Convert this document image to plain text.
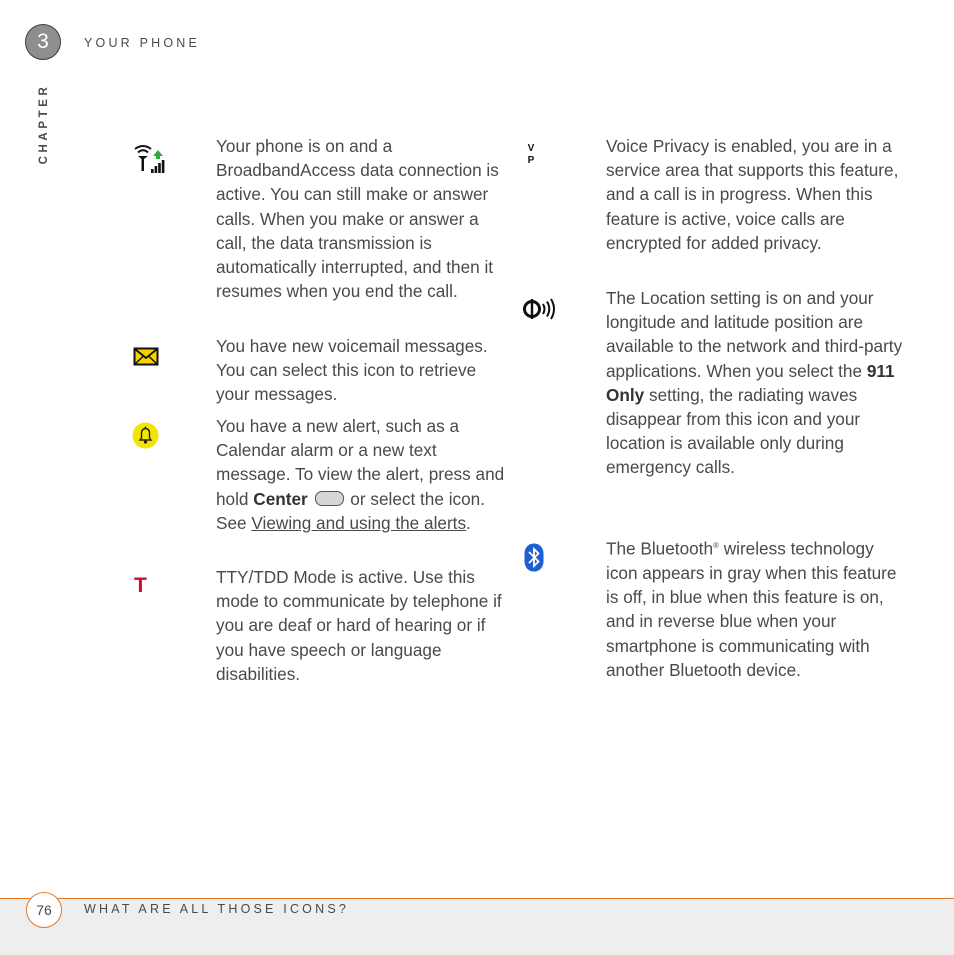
3	YOUR PHONE
CHAPTER	Your phone is on and a BroadbandAccess data connection is active. You can still make or answer calls. When you make or answer a call, the data transmission is automatically interrupted, and then it resumes when you end the call.
You have new voicemail messages. You can select this icon to retrieve your messages.
You have a new alert, such as a Calendar alarm or a new text message. To view the alert, press and hold Center or select the icon. See Viewing and using the alerts.
T	TTY/TDD Mode is active. Use this mode to communicate by telephone if you are deaf or hard of hearing or if you have speech or language disabilities.
V
P
Voice Privacy is enabled, you are in a service area that supports this feature, and a call is in progress. When this feature is active, voice calls are encrypted for added privacy.
The Location setting is on and your longitude and latitude position are available to the network and third-party applications. When you select the 911 Only setting, the radiating waves disappear from this icon and your location is available only during emergency calls.
The Bluetooth® wireless technology icon appears in gray when this feature is off, in blue when this feature is on, and in reverse blue when your smartphone is communicating with another Bluetooth device.
76	WHAT ARE ALL THOSE ICONS?
